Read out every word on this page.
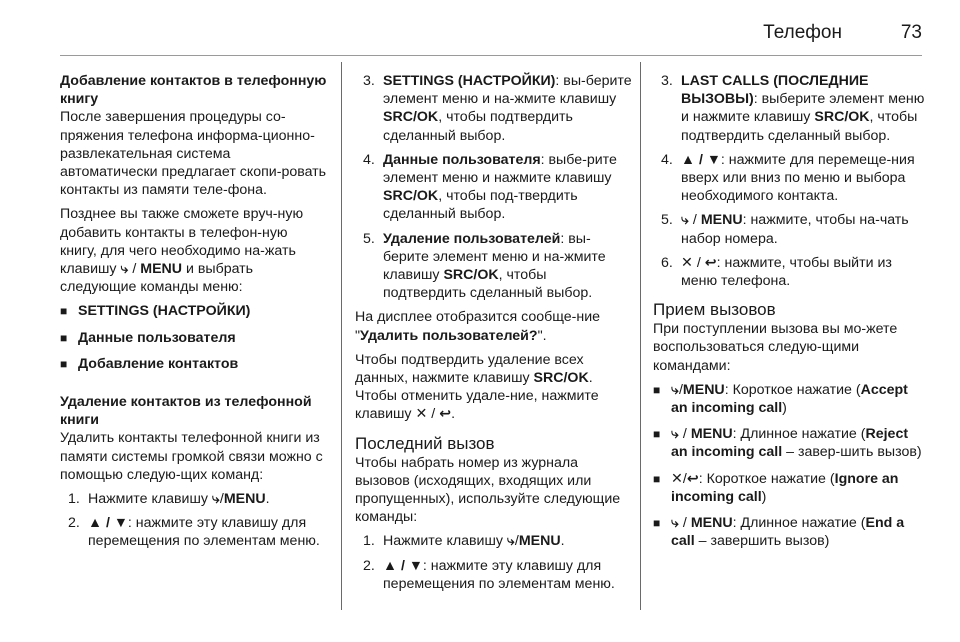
Телефон	73
Добавление контактов в телефонную книгу

После завершения процедуры со-пряжения телефона информа-ционно-развлекательная система автоматически предлагает скопи-ровать контакты из памяти теле-фона.

Позднее вы также сможете вруч-ную добавить контакты в телефон-ную книгу, для чего необходимо на-жать клавишу ⤷ / MENU и выбрать следующие команды меню:

■ SETTINGS (НАСТРОЙКИ)
■ Данные пользователя
■ Добавление контактов
Удаление контактов из телефонной книги

Удалить контакты телефонной книги из памяти системы громкой связи можно с помощью следую-щих команд:

1. Нажмите клавишу ⤷/MENU.
2. ▲ / ▼: нажмите эту клавишу для перемещения по элементам меню.
3. SETTINGS (НАСТРОЙКИ): вы-берите элемент меню и на-жмите клавишу SRC/OK, чтобы подтвердить сделанный выбор.
4. Данные пользователя: выбе-рите элемент меню и нажмите клавишу SRC/OK, чтобы под-твердить сделанный выбор.
5. Удаление пользователей: вы-берите элемент меню и на-жмите клавишу SRC/OK, чтобы подтвердить сделанный выбор.

На дисплее отобразится сообще-ние "Удалить пользователей?".

Чтобы подтвердить удаление всех данных, нажмите клавишу SRC/OK. Чтобы отменить удале-ние, нажмите клавишу ✕ / ↩.

Последний вызов

Чтобы набрать номер из журнала вызовов (исходящих, входящих или пропущенных), используйте следующие команды:

1. Нажмите клавишу ⤷/MENU.
2. ▲ / ▼: нажмите эту клавишу для перемещения по элементам меню.
3. LAST CALLS (ПОСЛЕДНИЕ ВЫЗОВЫ): выберите элемент меню и нажмите клавишу SRC/OK, чтобы подтвердить сделанный выбор.
4. ▲ / ▼: нажмите для перемеще-ния вверх или вниз по меню и выбора необходимого контакта.
5. ⤷ / MENU: нажмите, чтобы на-чать набор номера.
6. ✕ / ↩: нажмите, чтобы выйти из меню телефона.
Прием вызовов

При поступлении вызова вы мо-жете воспользоваться следую-щими командами:

■ ⤷/MENU: Короткое нажатие (Accept an incoming call)
■ ⤷ / MENU: Длинное нажатие (Reject an incoming call – завер-шить вызов)
■ ✕/↩: Короткое нажатие (Ignore an incoming call)
■ ⤷ / MENU: Длинное нажатие (End a call – завершить вызов)
